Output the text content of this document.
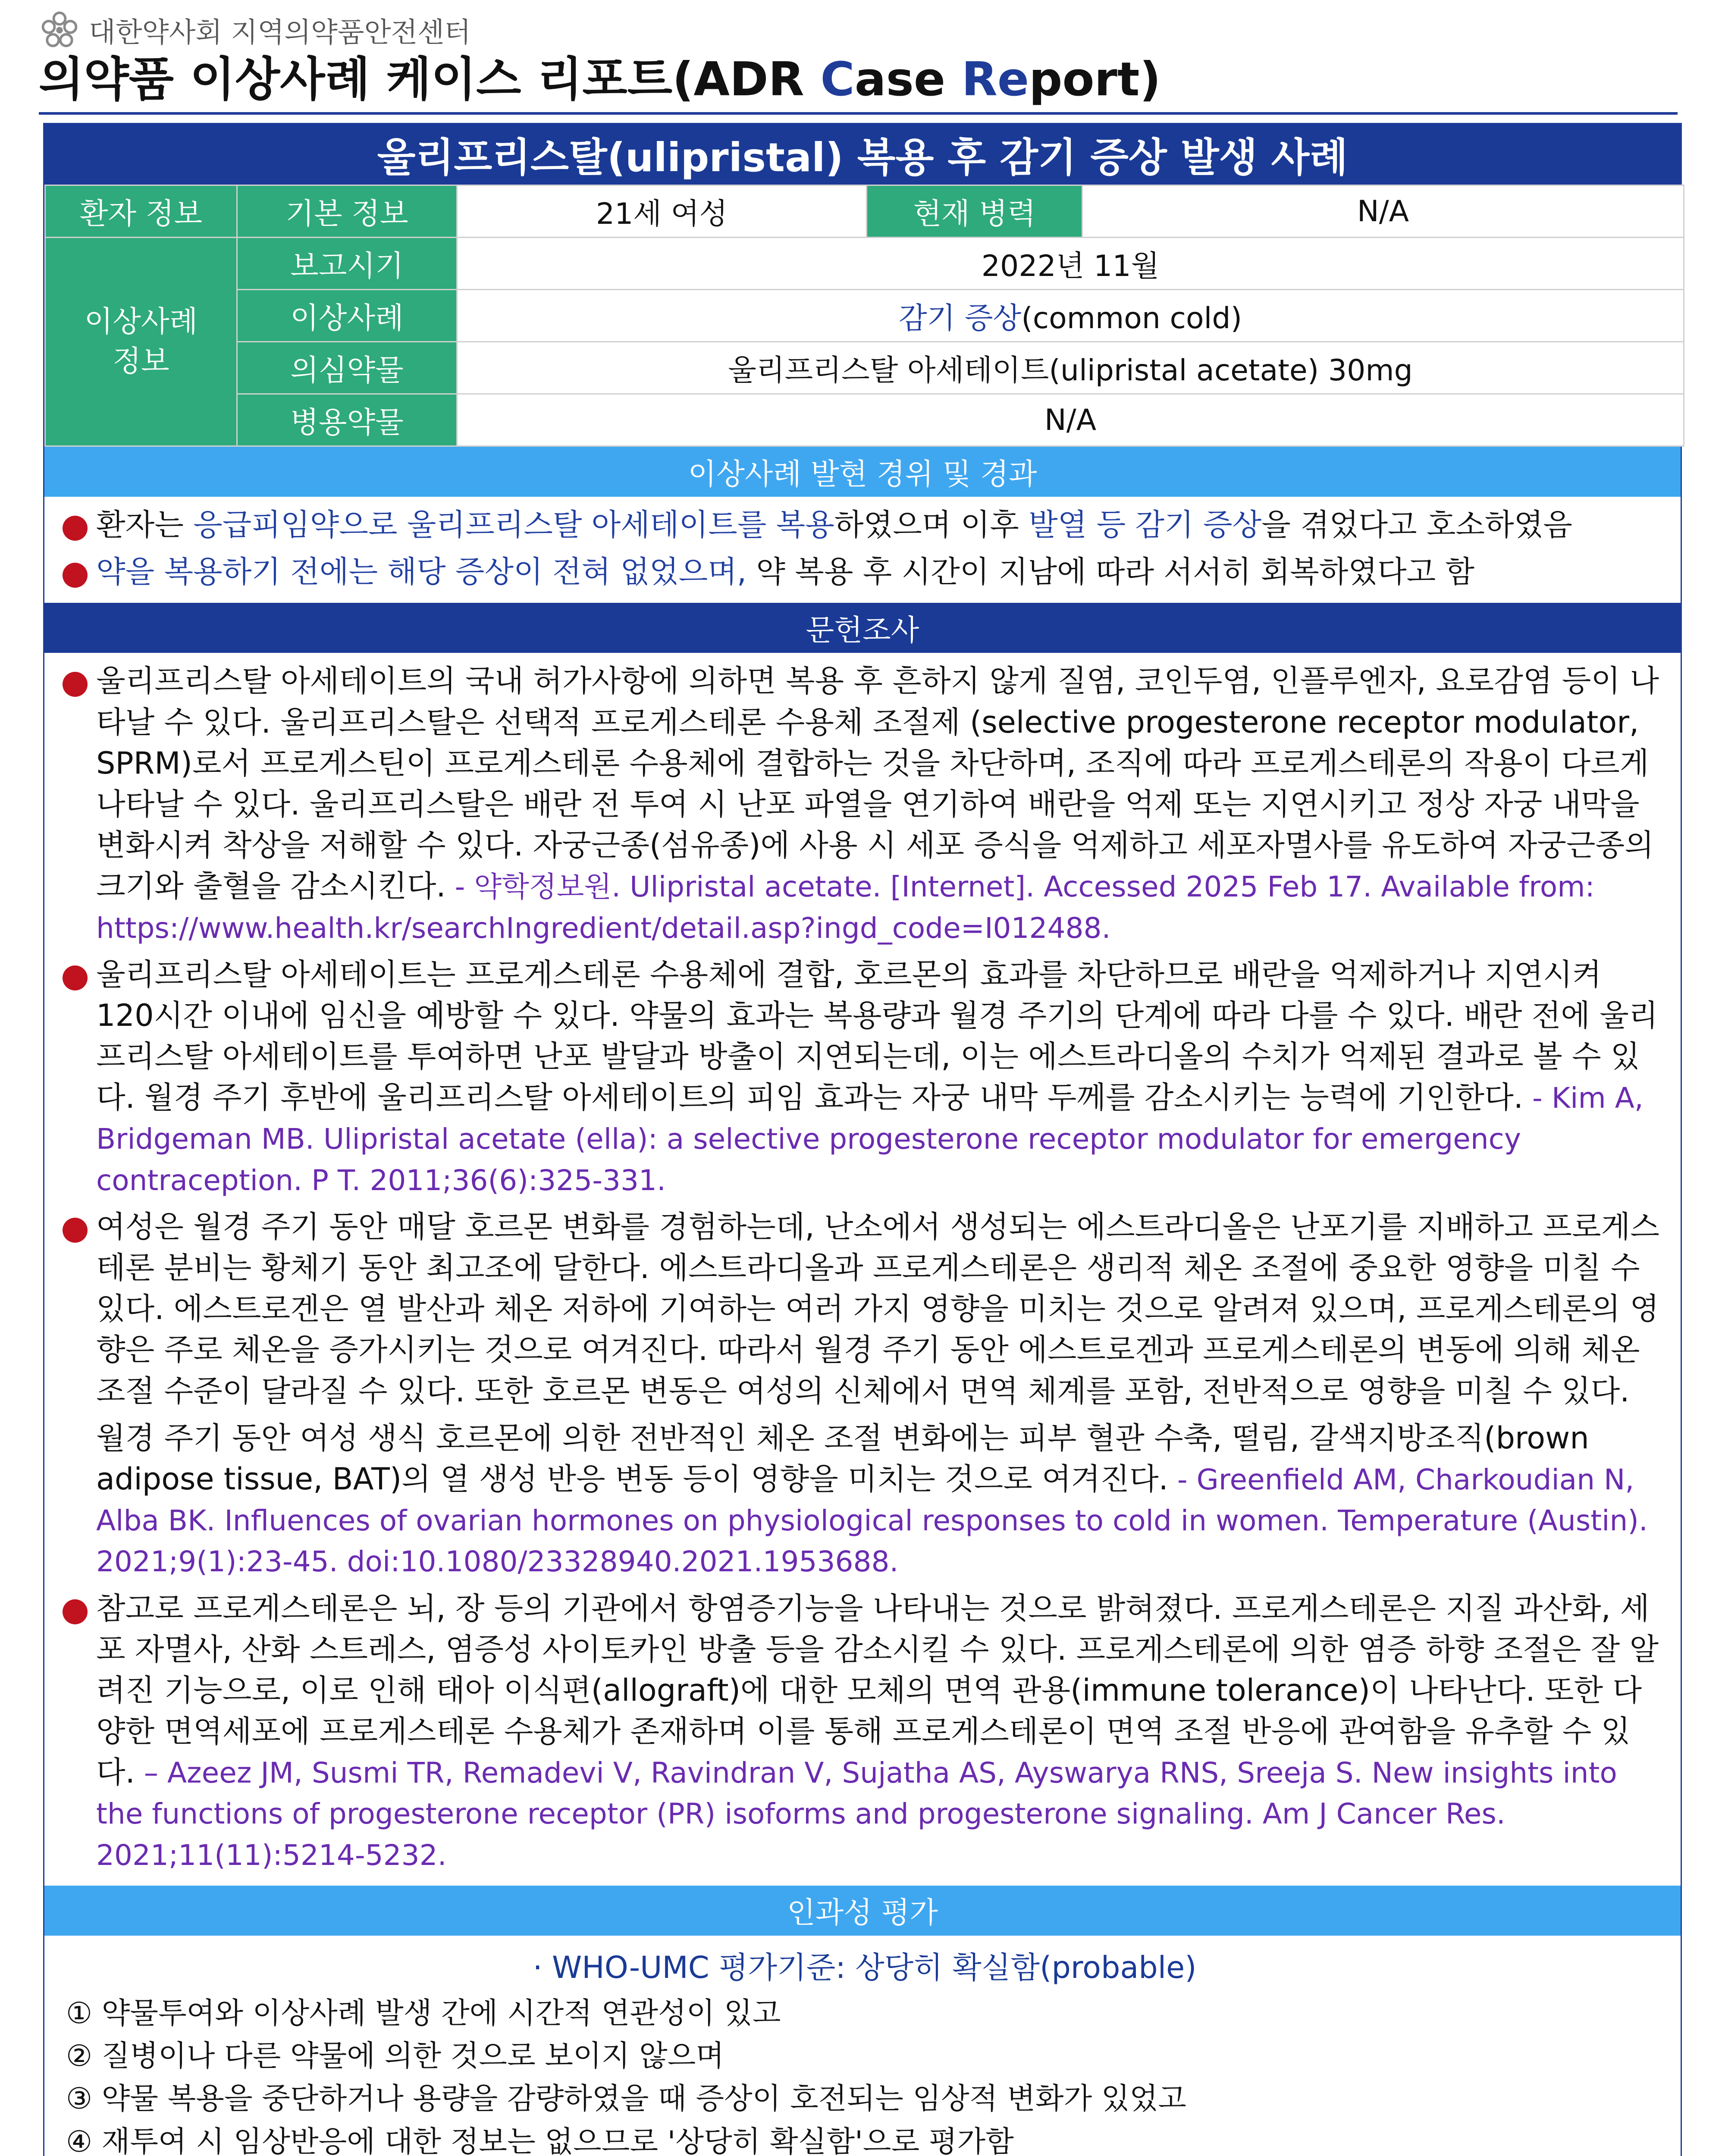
대한약사회 지역의약품안전센터
의약품 이상사례 케이스 리포트(ADR Case Report)
울리프리스탈(ulipristal) 복용 후 감기 증상 발생 사례
환자 정보	기본 정보	21세 여성	현재 병력	N/A
이상사례 정보	보고시기	2022년 11월		
	이상사례	감기 증상(common cold)		
	의심약물	울리프리스탈 아세테이트(ulipristal acetate) 30mg		
	병용약물	N/A		
이상사례 발현 경위 및 경과
환자는 응급피임약으로 울리프리스탈 아세테이트를 복용하였으며 이후 발열 등 감기 증상을 겪었다고 호소하였음
약을 복용하기 전에는 해당 증상이 전혀 없었으며, 약 복용 후 시간이 지남에 따라 서서히 회복하였다고 함
문헌조사
울리프리스탈 아세테이트의 국내 허가사항에 의하면 복용 후 흔하지 않게 질염, 코인두염, 인플루엔자, 요로감염 등이 나타날 수 있다. 울리프리스탈은 선택적 프로게스테론 수용체 조절제 (selective progesterone receptor modulator, SPRM)로서 프로게스틴이 프로게스테론 수용체에 결합하는 것을 차단하며, 조직에 따라 프로게스테론의 작용이 다르게 나타날 수 있다. 울리프리스탈은 배란 전 투여 시 난포 파열을 연기하여 배란을 억제 또는 지연시키고 정상 자궁 내막을 변화시켜 착상을 저해할 수 있다. 자궁근종(섬유종)에 사용 시 세포 증식을 억제하고 세포자멸사를 유도하여 자궁근종의 크기와 출혈을 감소시킨다. - 약학정보원. Ulipristal acetate. [Internet]. Accessed 2025 Feb 17. Available from: https://www.health.kr/searchIngredient/detail.asp?ingd_code=I012488.
울리프리스탈 아세테이트는 프로게스테론 수용체에 결합, 호르몬의 효과를 차단하므로 배란을 억제하거나 지연시켜 120시간 이내에 임신을 예방할 수 있다. 약물의 효과는 복용량과 월경 주기의 단계에 따라 다를 수 있다. 배란 전에 울리프리스탈 아세테이트를 투여하면 난포 발달과 방출이 지연되는데, 이는 에스트라디올의 수치가 억제된 결과로 볼 수 있다. 월경 주기 후반에 울리프리스탈 아세테이트의 피임 효과는 자궁 내막 두께를 감소시키는 능력에 기인한다. - Kim A, Bridgeman MB. Ulipristal acetate (ella): a selective progesterone receptor modulator for emergency contraception. P T. 2011;36(6):325-331.
여성은 월경 주기 동안 매달 호르몬 변화를 경험하는데, 난소에서 생성되는 에스트라디올은 난포기를 지배하고 프로게스테론 분비는 황체기 동안 최고조에 달한다. 에스트라디올과 프로게스테론은 생리적 체온 조절에 중요한 영향을 미칠 수 있다. 에스트로겐은 열 발산과 체온 저하에 기여하는 여러 가지 영향을 미치는 것으로 알려져 있으며, 프로게스테론의 영향은 주로 체온을 증가시키는 것으로 여겨진다. 따라서 월경 주기 동안 에스트로겐과 프로게스테론의 변동에 의해 체온 조절 수준이 달라질 수 있다. 또한 호르몬 변동은 여성의 신체에서 면역 체계를 포함, 전반적으로 영향을 미칠 수 있다.
월경 주기 동안 여성 생식 호르몬에 의한 전반적인 체온 조절 변화에는 피부 혈관 수축, 떨림, 갈색지방조직(brown adipose tissue, BAT)의 열 생성 반응 변동 등이 영향을 미치는 것으로 여겨진다. - Greenfield AM, Charkoudian N, Alba BK. Influences of ovarian hormones on physiological responses to cold in women. Temperature (Austin). 2021;9(1):23-45. doi:10.1080/23328940.2021.1953688.
참고로 프로게스테론은 뇌, 장 등의 기관에서 항염증기능을 나타내는 것으로 밝혀졌다. 프로게스테론은 지질 과산화, 세포 자멸사, 산화 스트레스, 염증성 사이토카인 방출 등을 감소시킬 수 있다. 프로게스테론에 의한 염증 하향 조절은 잘 알려진 기능으로, 이로 인해 태아 이식편(allograft)에 대한 모체의 면역 관용(immune tolerance)이 나타난다. 또한 다양한 면역세포에 프로게스테론 수용체가 존재하며 이를 통해 프로게스테론이 면역 조절 반응에 관여함을 유추할 수 있다. – Azeez JM, Susmi TR, Remadevi V, Ravindran V, Sujatha AS, Ayswarya RNS, Sreeja S. New insights into the functions of progesterone receptor (PR) isoforms and progesterone signaling. Am J Cancer Res. 2021;11(11):5214-5232.
인과성 평가
· WHO-UMC 평가기준: 상당히 확실함(probable)
① 약물투여와 이상사례 발생 간에 시간적 연관성이 있고
② 질병이나 다른 약물에 의한 것으로 보이지 않으며
③ 약물 복용을 중단하거나 용량을 감량하였을 때 증상이 호전되는 임상적 변화가 있었고
④ 재투여 시 임상반응에 대한 정보는 없으므로 '상당히 확실함'으로 평가함
